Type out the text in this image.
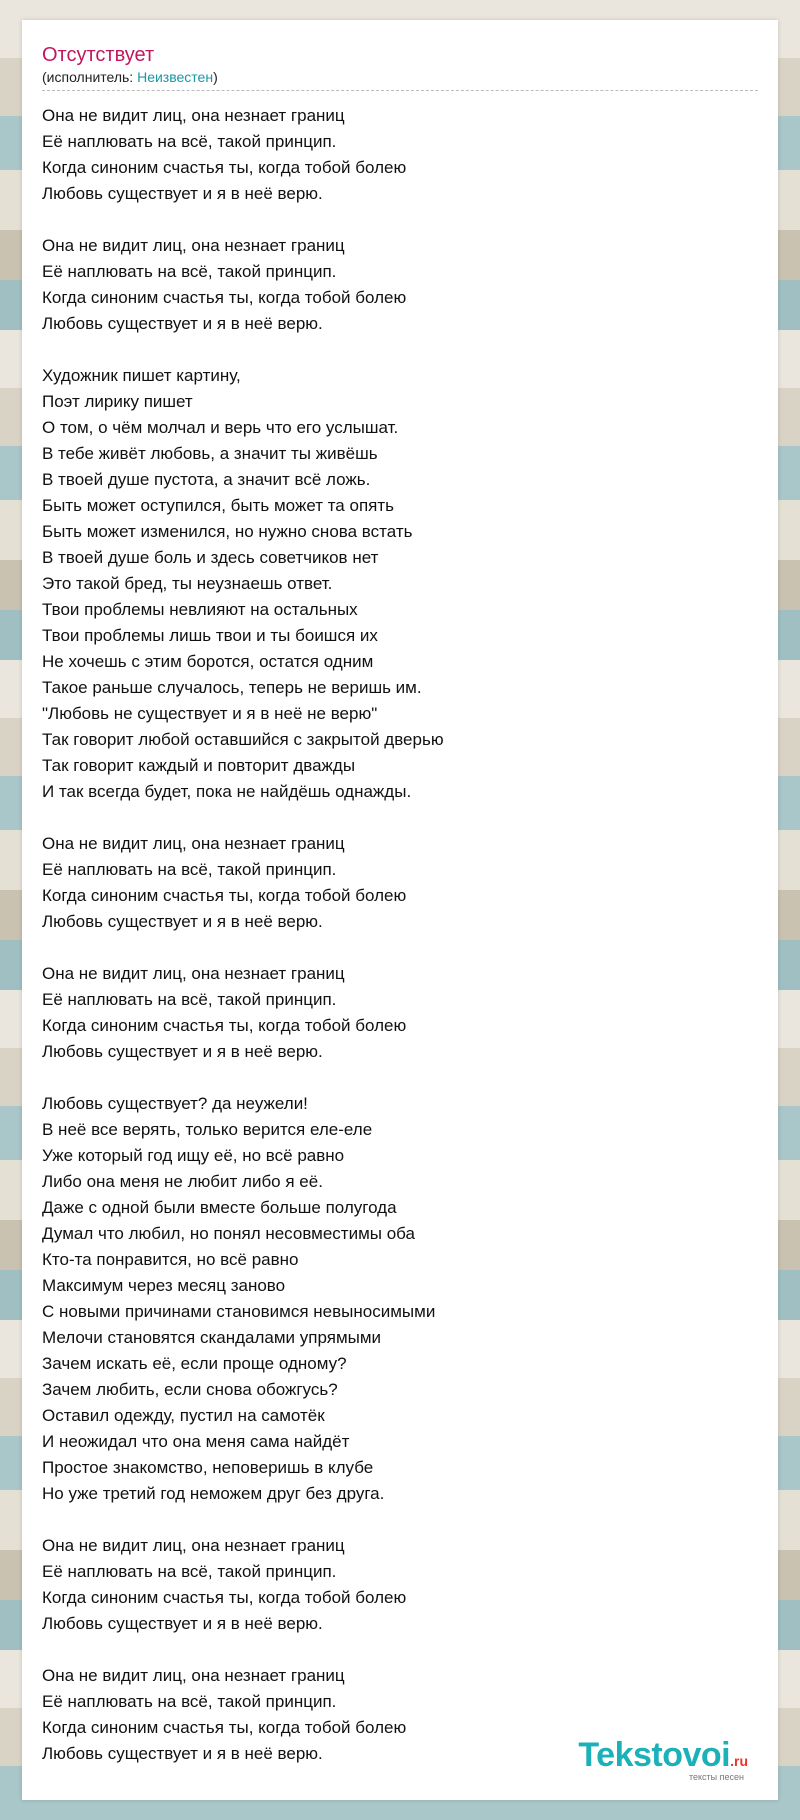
Отсутствует
(исполнитель: Неизвестен)
Она не видит лиц, она незнает границ
Её наплювать на всё, такой принцип.
Когда синоним счастья ты, когда тобой болею
Любовь существует и я в неё верю.
Она не видит лиц, она незнает границ
Её наплювать на всё, такой принцип.
Когда синоним счастья ты, когда тобой болею
Любовь существует и я в неё верю.
Художник пишет картину,
Поэт лирику пишет
О том, о чём молчал и верь что его услышат.
В тебе живёт любовь, а значит ты живёшь
В твоей душе пустота, а значит всё ложь.
Быть может оступился, быть может та опять
Быть может изменился, но нужно снова встать
В твоей душе боль и здесь советчиков нет
Это такой бред, ты неузнаешь ответ.
Твои проблемы невлияют на остальных
Твои проблемы лишь твои и ты боишся их
Не хочешь с этим боротся, остатся одним
Такое раньше случалось, теперь не веришь им.
"Любовь не существует и я в неё не верю"
Так говорит любой оставшийся с закрытой дверью
Так говорит каждый и повторит дважды
И так всегда будет, пока не найдёшь однажды.
Она не видит лиц, она незнает границ
Её наплювать на всё, такой принцип.
Когда синоним счастья ты, когда тобой болею
Любовь существует и я в неё верю.
Она не видит лиц, она незнает границ
Её наплювать на всё, такой принцип.
Когда синоним счастья ты, когда тобой болею
Любовь существует и я в неё верю.
Любовь существует? да неужели!
В неё все верять, только верится еле-еле
Уже который год ищу её, но всё равно
Либо она меня не любит либо я её.
Даже с одной были вместе больше полугода
Думал что любил, но понял несовместимы оба
Кто-та понравится, но всё равно
Максимум через месяц заново
С новыми причинами становимся невыносимыми
Мелочи становятся скандалами упрямыми
Зачем искать её, если проще одному?
Зачем любить, если снова обожгусь?
Оставил одежду, пустил на самотёк
И неожидал что она меня сама найдёт
Простое знакомство, неповеришь в клубе
Но уже третий год неможем друг без друга.
Она не видит лиц, она незнает границ
Её наплювать на всё, такой принцип.
Когда синоним счастья ты, когда тобой болею
Любовь существует и я в неё верю.
Она не видит лиц, она незнает границ
Её наплювать на всё, такой принцип.
Когда синоним счастья ты, когда тобой болею
Любовь существует и я в неё верю.	Tekstovoi.ru
тексты песен
